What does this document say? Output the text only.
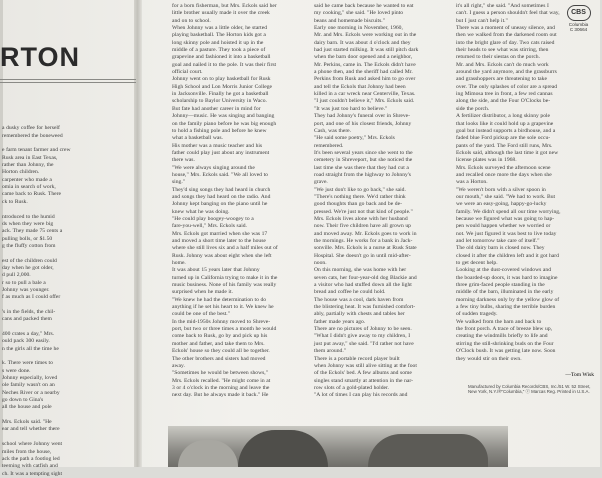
RTON

a dusky coffee for herself

remembered the boneweed

e farm tenant farmer and crew

Rusk area in East Texas,

rather than Johnny, the

Horton children.

carpenter who made a

omia in search of work,

came back to Rusk. There

ck to Rusk.

ntroduced to the humid

ds when they were big

ack. They made 75 cents a

pulling bolls, or $1.50

g the fluffy cotton from

est of the children could

day when he got older,

d pull 2,000.

r so to pull a bale a

Johnny was younger.

f as much as I could offer

's in the fields, the chil-

cans and packed them

400 crates a day," Mrs.

ould pack 300 easily.

n the girls all the time he

k. There were times to

s were done.

Johnny especially, loved

ole family wasn't on an

Neches River or a nearby

go down to Gina's

all the house and pole

Mrs. Eckols said. "He

ear and tell whether there

school where Johnny went

miles from the house,

ack the path a footlog led

teeming with catfish and

ch. It was a tempting sight

for a born fisherman, but Mrs. Eckols said her

little brother usually made it over the creek

and on to school.

When Johnny was a little older, he started

playing basketball. The Horton kids got a

long skinny pole and hoisted it up in the

middle of a pasture. They took a piece of

grapevine and fashioned it into a basketball

goal and nailed it to the pole. It was their first

official court.

Johnny went on to play basketball for Rusk

High School and Lon Morris Junior College

in Jacksonville. Finally he got a basketball

scholarship to Baylor University in Waco.

But fate had another career in mind for

Johnny—music. He was singing and banging

on the family piano before he was big enough

to hold a fishing pole and before he knew

what a basketball was.

His mother was a music teacher and his

father could play just about any instrument

there was.

"We were always singing around the

house," Mrs. Eckols said. "We all loved to

sing."

They'd sing songs they had heard in church

and songs they had heard on the radio. And

Johnny kept banging on the piano until he

knew what he was doing.

"He could play boogey-woogey to a

fare-you-well," Mrs. Eckols said.

Mrs. Eckols got married when she was 17

and moved a short time later to the house

where she still lives six and a half miles out of

Rusk. Johnny was about eight when she left

home.

It was about 15 years later that Johnny

turned up in California trying to make it in the

music business. None of his family was really

surprised when he made it.

"We knew he had the determination to do

anything if he set his heart to it. We knew he

could be one of the best."

In the mid-1950s Johnny moved to Shreve-

port, but two or three times a month he would

come back to Rusk, go by and pick up his

mother and father, and take them to Mrs.

Eckols' house so they could all be together.

The other brothers and sisters had moved

away.

"Sometimes he would be between shows,"

Mrs. Eckols recalled. "He might come in at

3 or 4 o'clock in the morning and leave the

next day. But he always made it back." He

said he came back because he wanted to eat

my cooking," she said. "He loved pinto

beans and homemade biscuits."

Early one morning in November, 1960,

Mr. and Mrs. Eckols were working out in the

dairy barn. It was about 4 o'clock and they

had just started milking. It was still pitch dark

when the barn door opened and a neighbor,

Mr. Perkins, came in. The Eckols didn't have

a phone then, and the sheriff had called Mr.

Perkins from Rusk and asked him to go over

and tell the Eckols that Johnny had been

killed in a car wreck near Centerville, Texas.

"I just couldn't believe it," Mrs. Eckols said.

"It was just too hard to believe."

They had Johnny's funeral over in Shreve-

port, and one of his closest friends, Johnny

Cash, was there.

"He said some poetry," Mrs. Eckols

remembered.

It's been several years since she went to the

cemetery in Shreveport, but she noticed the

last time she was there that they had cut a

road straight from the highway to Johnny's

grave.

"We just don't like to go back," she said.

"There's nothing there. We'd rather think

good thoughts than go back and be de-

pressed. We're just not that kind of people."

Mrs. Eckols lives alone with her husband

now. Their five children have all grown up

and moved away. Mr. Eckols goes to work in

the mornings. He works for a bank in Jack-

sonville. Mrs. Eckols is a nurse at Rusk State

Hospital. She doesn't go in until mid-after-

noon.

On this morning, she was home with her

seven cats, her four-year-old dog Blackie and

a visitor who had stuffed down all the light

bread and coffee he could hold.

The house was a cool, dark haven from

the blistering heat. It was furnished comfort-

ably, partially with chests and tables her

father made years ago.

There are no pictures of Johnny to be seen.

"What I didn't give away to my children, I

just put away," she said. "I'd rather not have

them around."

There is a portable record player built

when Johnny was still alive sitting at the foot

of the Eckols' bed. A few albums and some

singles stand smartly at attention in the nar-

row slots of a gold-plated holder.

"A lot of times I can play his records and

it's all right," she said. "And sometimes I

can't. I guess a person shouldn't feel that way,

but I just can't help it."

There was a moment of uneasy silence, and

then we walked from the darkened room out

into the bright glare of day. Two cats raised

their heads to see what was stirring, then

returned to their siestas on the porch.

Mr. and Mrs. Eckols can't do much work

around the yard anymore, and the grassburrs

and grasshoppers are threatening to take

over. The only splashes of color are a spread

ing Mimosa tree in front, a few red cannas

along the side, and the Four O'Clocks be-

side the porch.

A fertilizer distributor, a long skinny pole

that looks like it could hold up a grapevine

goal but instead supports a birdhouse, and a

faded blue Ford pickup are the sole occu-

pants of the yard. The Ford still runs, Mrs.

Eckols said, although the last time it got new

license plates was in 1968.

Mrs. Eckols surveyed the afternoon scene

and recalled once more the days when she

was a Horton.

"We weren't born with a silver spoon in

our mouth," she said. "We had to work. But

we were an easy-going, happy-go-lucky

family. We didn't spend all our time worrying,

because we figured what was going to hap-

pen would happen whether we worried or

not. We just figured it was best to live today

and let tomorrow take care of itself."

The old dairy barn is closed now. They

closed it after the children left and it got hard

to get decent help.

Looking at the dust-covered windows and

the boarded-up doors, it was hard to imagine

three grim-faced people standing in the

middle of the barn, illuminated in the early

morning darkness only by the yellow glow of

a few tiny bulbs, sharing the terrible burden

of sudden tragedy.

We walked from the barn and back to

the front porch. A trace of breeze blew up,

creating the windmills briefly to life and

stirring the still-shrinking buds on the Four

O'Clock bush. It was getting late now. Soon

they would stir on their own.

—Tom Wisk
Manufactured by Columbia Records/CBS, Inc./51 W. 52 Street, New York, N.Y./®"Columbia," ⓒ Marcas Reg. Printed in U.S.A.
CBS
Columbia
C 30664
